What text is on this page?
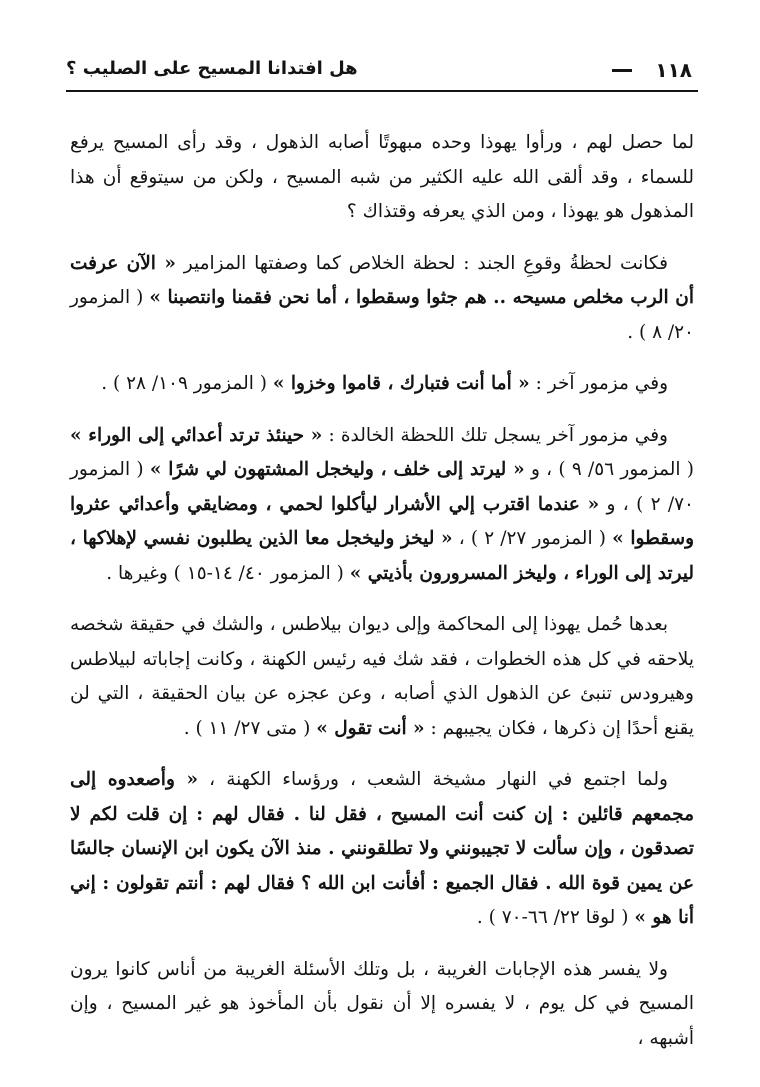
١١٨
هل افتدانا المسيح على الصليب ؟

لما حصل لهم ، ورأوا يهوذا وحده مبهوتًا أصابه الذهول ، وقد رأى المسيح يرفع للسماء ، وقد ألقى الله عليه الكثير من شبه المسيح ، ولكن من سيتوقع أن هذا المذهول هو يهوذا ، ومن الذي يعرفه وقتذاك ؟

فكانت لحظةُ وقوعِ الجند : لحظة الخلاص كما وصفتها المزامير « الآن عرفت أن الرب مخلص مسيحه .. هم جثوا وسقطوا ، أما نحن فقمنا وانتصبنا » ( المزمور ٢٠/ ٨ ) .

وفي مزمور آخر : « أما أنت فتبارك ، قاموا وخزوا » ( المزمور ١٠٩/ ٢٨ ) .

وفي مزمور آخر يسجل تلك اللحظة الخالدة : « حينئذ ترتد أعدائي إلى الوراء » ( المزمور ٥٦/ ٩ ) ، و « ليرتد إلى خلف ، وليخجل المشتهون لي شرًا » ( المزمور ٧٠/ ٢ ) ، و « عندما اقترب إلي الأشرار ليأكلوا لحمي ، ومضايقي وأعدائي عثروا وسقطوا » ( المزمور ٢٧/ ٢ ) ، « ليخز وليخجل معا الذين يطلبون نفسي لإهلاكها ، ليرتد إلى الوراء ، وليخز المسرورون بأذيتي » ( المزمور ٤٠/ ١٤-١٥ ) وغيرها .

بعدها حُمل يهوذا إلى المحاكمة وإلى ديوان بيلاطس ، والشك في حقيقة شخصه يلاحقه في كل هذه الخطوات ، فقد شك فيه رئيس الكهنة ، وكانت إجاباته لبيلاطس وهيرودس تنبئ عن الذهول الذي أصابه ، وعن عجزه عن بيان الحقيقة ، التي لن يقنع أحدًا إن ذكرها ، فكان يجيبهم : « أنت تقول » ( متى ٢٧/ ١١ ) .

ولما اجتمع في النهار مشيخة الشعب ، ورؤساء الكهنة ، « وأصعدوه إلى مجمعهم قائلين : إن كنت أنت المسيح ، فقل لنا . فقال لهم : إن قلت لكم لا تصدقون ، وإن سألت لا تجيبونني ولا تطلقونني . منذ الآن يكون ابن الإنسان جالسًا عن يمين قوة الله . فقال الجميع : أفأنت ابن الله ؟ فقال لهم : أنتم تقولون : إني أنا هو » ( لوقا ٢٢/ ٦٦-٧٠ ) .

ولا يفسر هذه الإجابات الغريبة ، بل وتلك الأسئلة الغريبة من أناس كانوا يرون المسيح في كل يوم ، لا يفسره إلا أن نقول بأن المأخوذ هو غير المسيح ، وإن أشبهه ،
